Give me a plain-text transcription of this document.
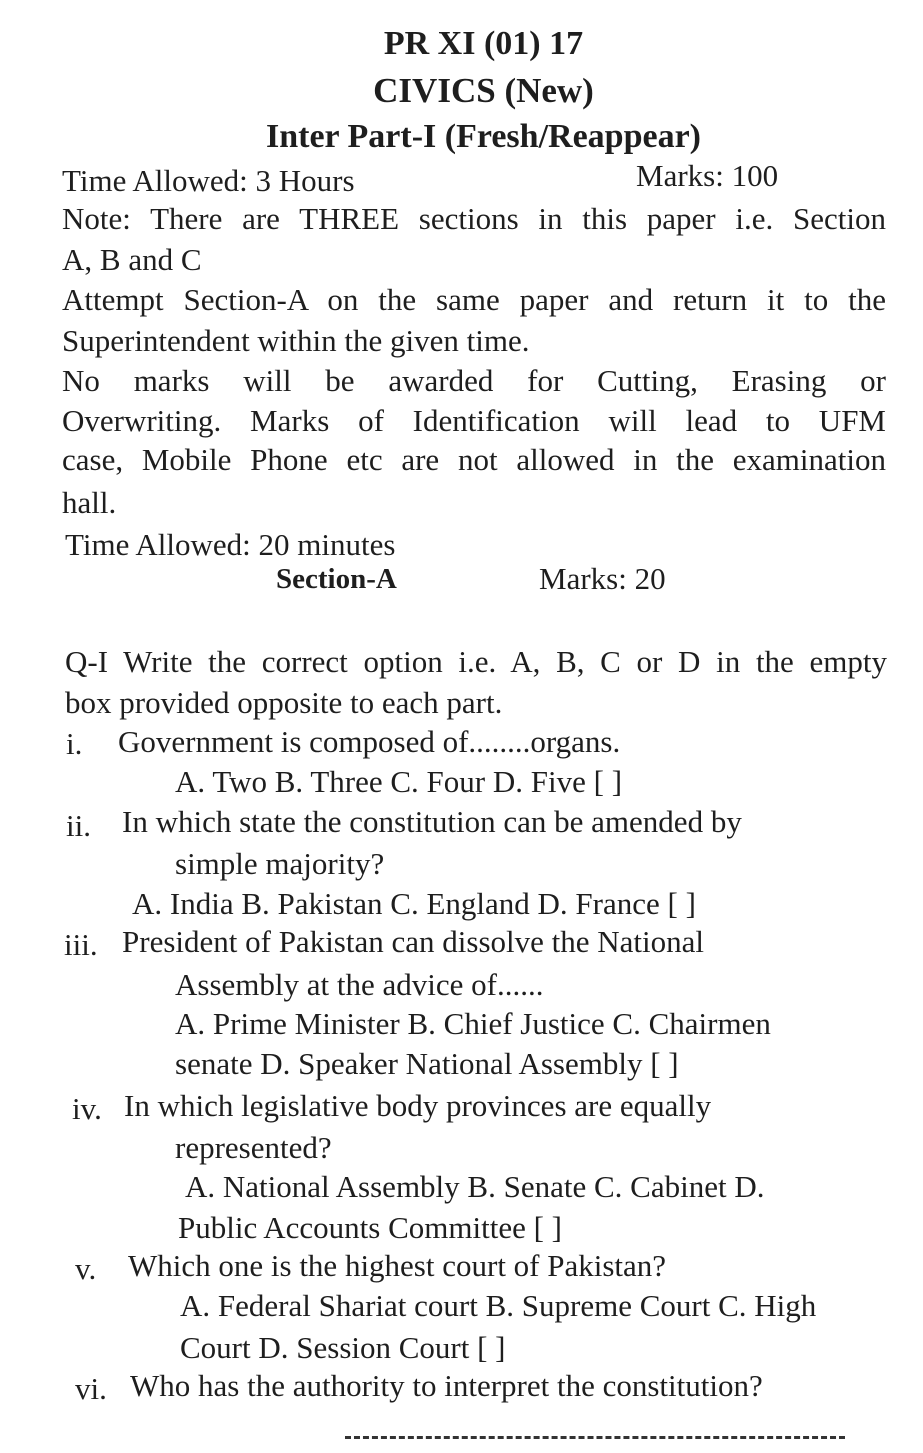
PR XI (01) 17
CIVICS (New)
Inter Part-I (Fresh/Reappear)
Time Allowed: 3 Hours	Marks: 100
Note: There are THREE sections in this paper i.e. Section
A, B and C
Attempt Section-A on the same paper and return it to the
Superintendent within the given time.
No marks will be awarded for Cutting, Erasing or
Overwriting. Marks of Identification will lead to UFM
case, Mobile Phone etc are not allowed in the examination
hall.
Time Allowed: 20 minutes
Section-A	Marks: 20
Q-I Write the correct option i.e. A, B, C or D in the empty
box provided opposite to each part.
i. Government is composed of........organs.
A. Two B. Three C. Four D. Five [ ]
ii. In which state the constitution can be amended by
simple majority?
A. India B. Pakistan C. England D. France [ ]
iii. President of Pakistan can dissolve the National
Assembly at the advice of......
A. Prime Minister B. Chief Justice C. Chairmen
senate D. Speaker National Assembly [ ]
iv. In which legislative body provinces are equally
represented?
A. National Assembly B. Senate C. Cabinet D.
Public Accounts Committee [ ]
v. Which one is the highest court of Pakistan?
A. Federal Shariat court B. Supreme Court C. High
Court D. Session Court [ ]
vi. Who has the authority to interpret the constitution?
